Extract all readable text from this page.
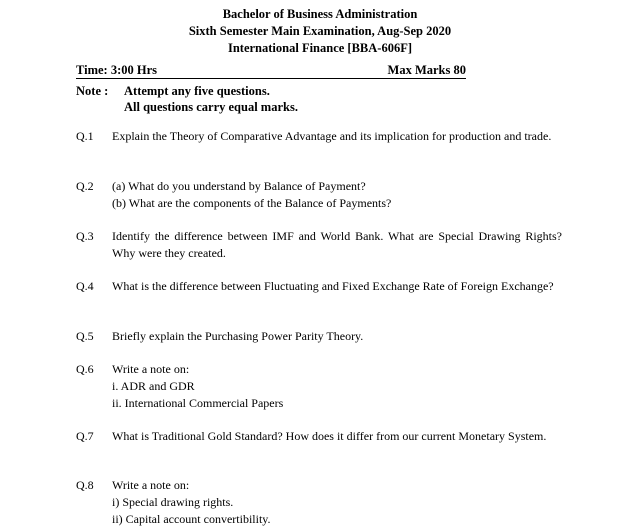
Bachelor of Business Administration
Sixth Semester Main Examination, Aug-Sep 2020
International Finance [BBA-606F]
Time: 3:00 Hrs	Max Marks 80
Note : Attempt any five questions.
All questions carry equal marks.
Q.1	Explain the Theory of Comparative Advantage and its implication for production and trade.
Q.2	(a) What do you understand by Balance of Payment?
(b) What are the components of the Balance of Payments?
Q.3	Identify the difference between IMF and World Bank. What are Special Drawing Rights? Why were they created.
Q.4	What is the difference between Fluctuating and Fixed Exchange Rate of Foreign Exchange?
Q.5	Briefly explain the Purchasing Power Parity Theory.
Q.6	Write a note on:
i. ADR and GDR
ii. International Commercial Papers
Q.7	What is Traditional Gold Standard? How does it differ from our current Monetary System.
Q.8	Write a note on:
i) Special drawing rights.
ii) Capital account convertibility.
